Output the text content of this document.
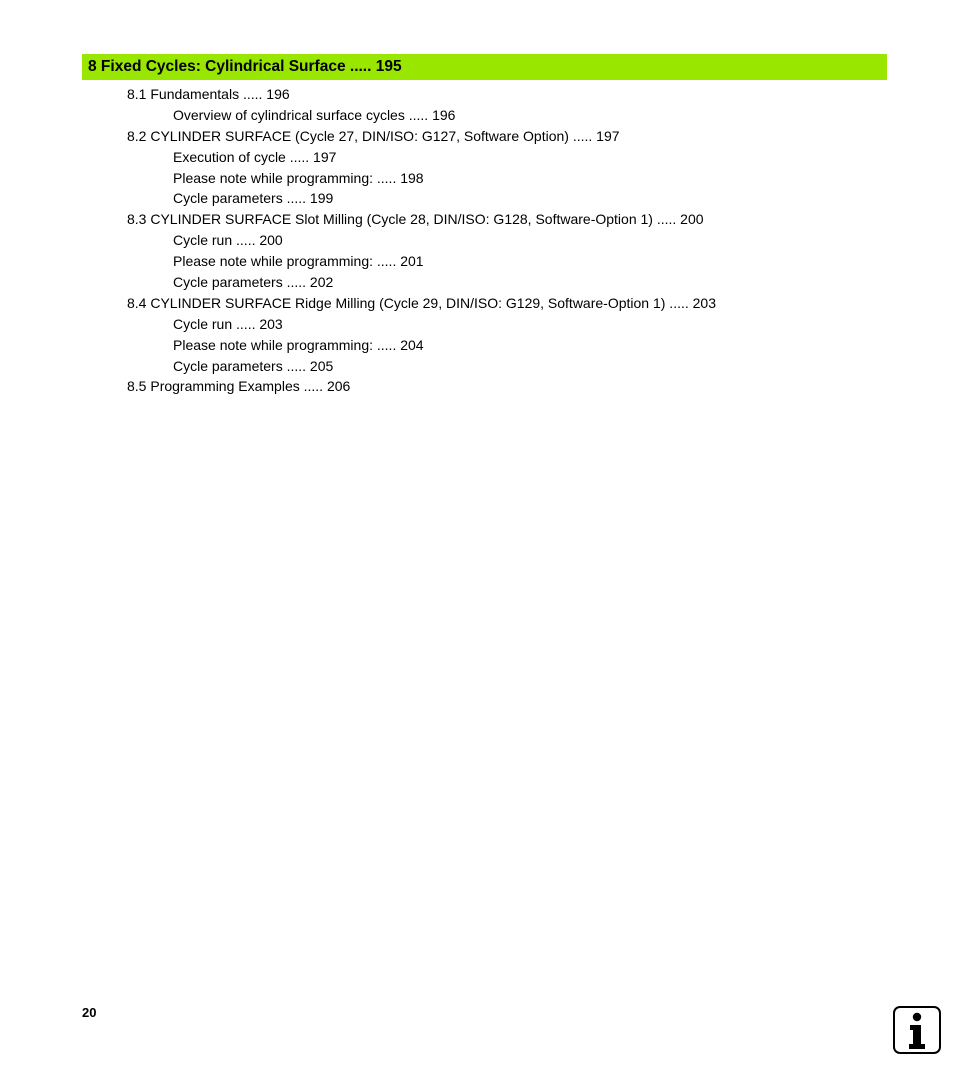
8 Fixed Cycles: Cylindrical Surface ..... 195
8.1 Fundamentals ..... 196
Overview of cylindrical surface cycles ..... 196
8.2 CYLINDER SURFACE (Cycle 27, DIN/ISO: G127, Software Option) ..... 197
Execution of cycle ..... 197
Please note while programming: ..... 198
Cycle parameters ..... 199
8.3 CYLINDER SURFACE Slot Milling (Cycle 28, DIN/ISO: G128, Software-Option 1) ..... 200
Cycle run ..... 200
Please note while programming: ..... 201
Cycle parameters ..... 202
8.4 CYLINDER SURFACE Ridge Milling (Cycle 29, DIN/ISO: G129, Software-Option 1) ..... 203
Cycle run ..... 203
Please note while programming: ..... 204
Cycle parameters ..... 205
8.5 Programming Examples ..... 206
20
